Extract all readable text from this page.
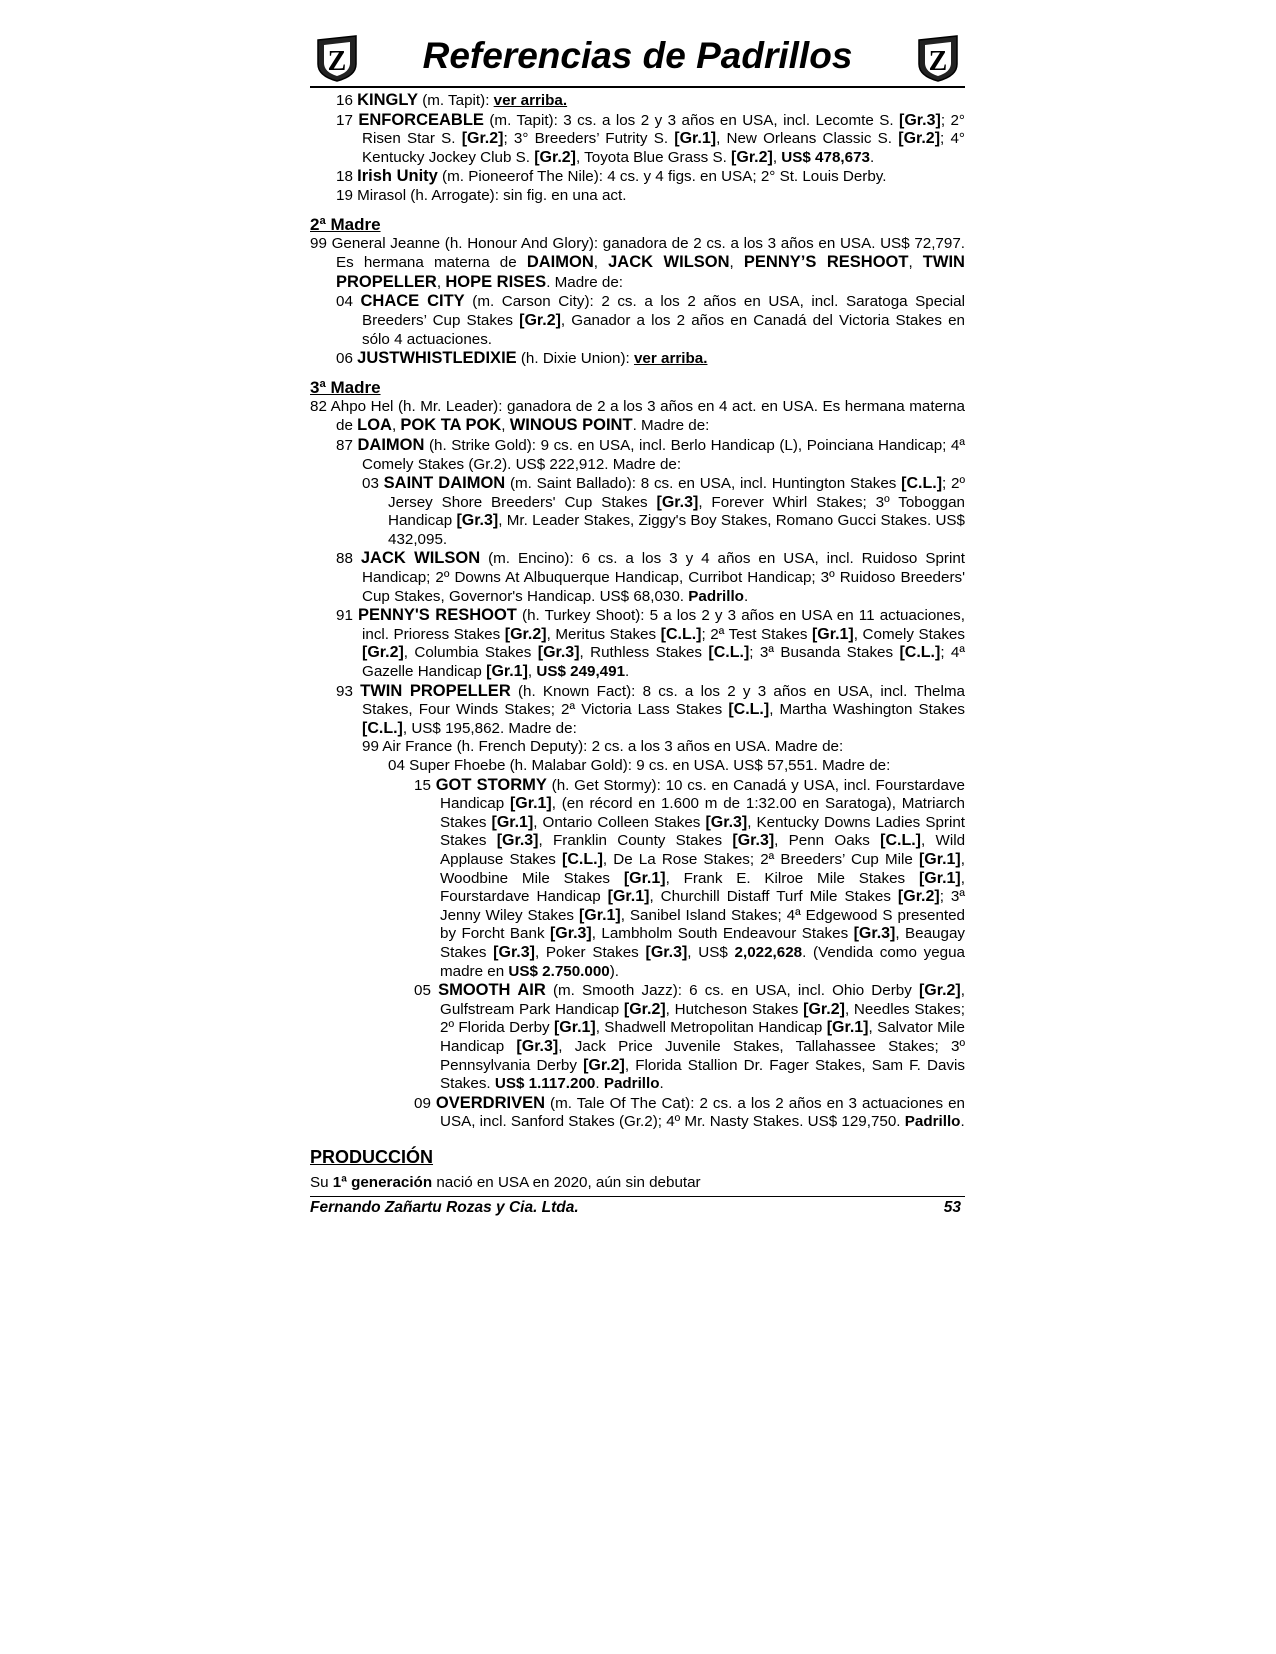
Z	Referencias de Padrillos	Z

16 KINGLY (m. Tapit): ver arriba.

17 ENFORCEABLE (m. Tapit): 3 cs. a los 2 y 3 años en USA, incl. Lecomte S. [Gr.3]; 2° Risen Star S. [Gr.2]; 3° Breeders’ Futrity S. [Gr.1], New Orleans Classic S. [Gr.2]; 4° Kentucky Jockey Club S. [Gr.2], Toyota Blue Grass S. [Gr.2], US$ 478,673.

18 Irish Unity (m. Pioneerof The Nile): 4 cs. y 4 figs. en USA; 2° St. Louis Derby.

19 Mirasol (h. Arrogate): sin fig. en una act.

2ª Madre

99 General Jeanne (h. Honour And Glory): ganadora de 2 cs. a los 3 años en USA. US$ 72,797. Es hermana materna de DAIMON, JACK WILSON, PENNY’S RESHOOT, TWIN PROPELLER, HOPE RISES. Madre de:

04 CHACE CITY (m. Carson City): 2 cs. a los 2 años en USA, incl. Saratoga Special Breeders’ Cup Stakes [Gr.2], Ganador a los 2 años en Canadá del Victoria Stakes en sólo 4 actuaciones.

06 JUSTWHISTLEDIXIE (h. Dixie Union): ver arriba.

3ª Madre

82 Ahpo Hel (h. Mr. Leader): ganadora de 2 a los 3 años en 4 act. en USA. Es hermana materna de LOA, POK TA POK, WINOUS POINT. Madre de:

87 DAIMON (h. Strike Gold): 9 cs. en USA, incl. Berlo Handicap (L), Poinciana Handicap; 4ª Comely Stakes (Gr.2). US$ 222,912. Madre de:

03 SAINT DAIMON (m. Saint Ballado): 8 cs. en USA, incl. Huntington Stakes [C.L.]; 2º Jersey Shore Breeders' Cup Stakes [Gr.3], Forever Whirl Stakes; 3º Toboggan Handicap [Gr.3], Mr. Leader Stakes, Ziggy's Boy Stakes, Romano Gucci Stakes. US$ 432,095.

88 JACK WILSON (m. Encino): 6 cs. a los 3 y 4 años en USA, incl. Ruidoso Sprint Handicap; 2º Downs At Albuquerque Handicap, Curribot Handicap; 3º Ruidoso Breeders' Cup Stakes, Governor's Handicap. US$ 68,030. Padrillo.

91 PENNY'S RESHOOT (h. Turkey Shoot): 5 a los 2 y 3 años en USA en 11 actuaciones, incl. Prioress Stakes [Gr.2], Meritus Stakes [C.L.]; 2ª Test Stakes [Gr.1], Comely Stakes [Gr.2], Columbia Stakes [Gr.3], Ruthless Stakes [C.L.]; 3ª Busanda Stakes [C.L.]; 4ª Gazelle Handicap [Gr.1], US$ 249,491.

93 TWIN PROPELLER (h. Known Fact): 8 cs. a los 2 y 3 años en USA, incl. Thelma Stakes, Four Winds Stakes; 2ª Victoria Lass Stakes [C.L.], Martha Washington Stakes [C.L.], US$ 195,862. Madre de:

99 Air France (h. French Deputy): 2 cs. a los 3 años en USA. Madre de:

04 Super Fhoebe (h. Malabar Gold): 9 cs. en USA. US$ 57,551. Madre de:

15 GOT STORMY (h. Get Stormy): 10 cs. en Canadá y USA, incl. Fourstardave Handicap [Gr.1], (en récord en 1.600 m de 1:32.00 en Saratoga), Matriarch Stakes [Gr.1], Ontario Colleen Stakes [Gr.3], Kentucky Downs Ladies Sprint Stakes [Gr.3], Franklin County Stakes [Gr.3], Penn Oaks [C.L.], Wild Applause Stakes [C.L.], De La Rose Stakes; 2ª Breeders’ Cup Mile [Gr.1], Woodbine Mile Stakes [Gr.1], Frank E. Kilroe Mile Stakes [Gr.1], Fourstardave Handicap [Gr.1], Churchill Distaff Turf Mile Stakes [Gr.2]; 3ª Jenny Wiley Stakes [Gr.1], Sanibel Island Stakes; 4ª Edgewood S presented by Forcht Bank [Gr.3], Lambholm South Endeavour Stakes [Gr.3], Beaugay Stakes [Gr.3], Poker Stakes [Gr.3], US$ 2,022,628. (Vendida como yegua madre en US$ 2.750.000).

05 SMOOTH AIR (m. Smooth Jazz): 6 cs. en USA, incl. Ohio Derby [Gr.2], Gulfstream Park Handicap [Gr.2], Hutcheson Stakes [Gr.2], Needles Stakes; 2º Florida Derby [Gr.1], Shadwell Metropolitan Handicap [Gr.1], Salvator Mile Handicap [Gr.3], Jack Price Juvenile Stakes, Tallahassee Stakes; 3º Pennsylvania Derby [Gr.2], Florida Stallion Dr. Fager Stakes, Sam F. Davis Stakes. US$ 1.117.200. Padrillo.

09 OVERDRIVEN (m. Tale Of The Cat): 2 cs. a los 2 años en 3 actuaciones en USA, incl. Sanford Stakes (Gr.2); 4º Mr. Nasty Stakes. US$ 129,750. Padrillo.

PRODUCCIÓN

Su 1ª generación nació en USA en 2020, aún sin debutar

Fernando Zañartu Rozas y Cia. Ltda.	53
